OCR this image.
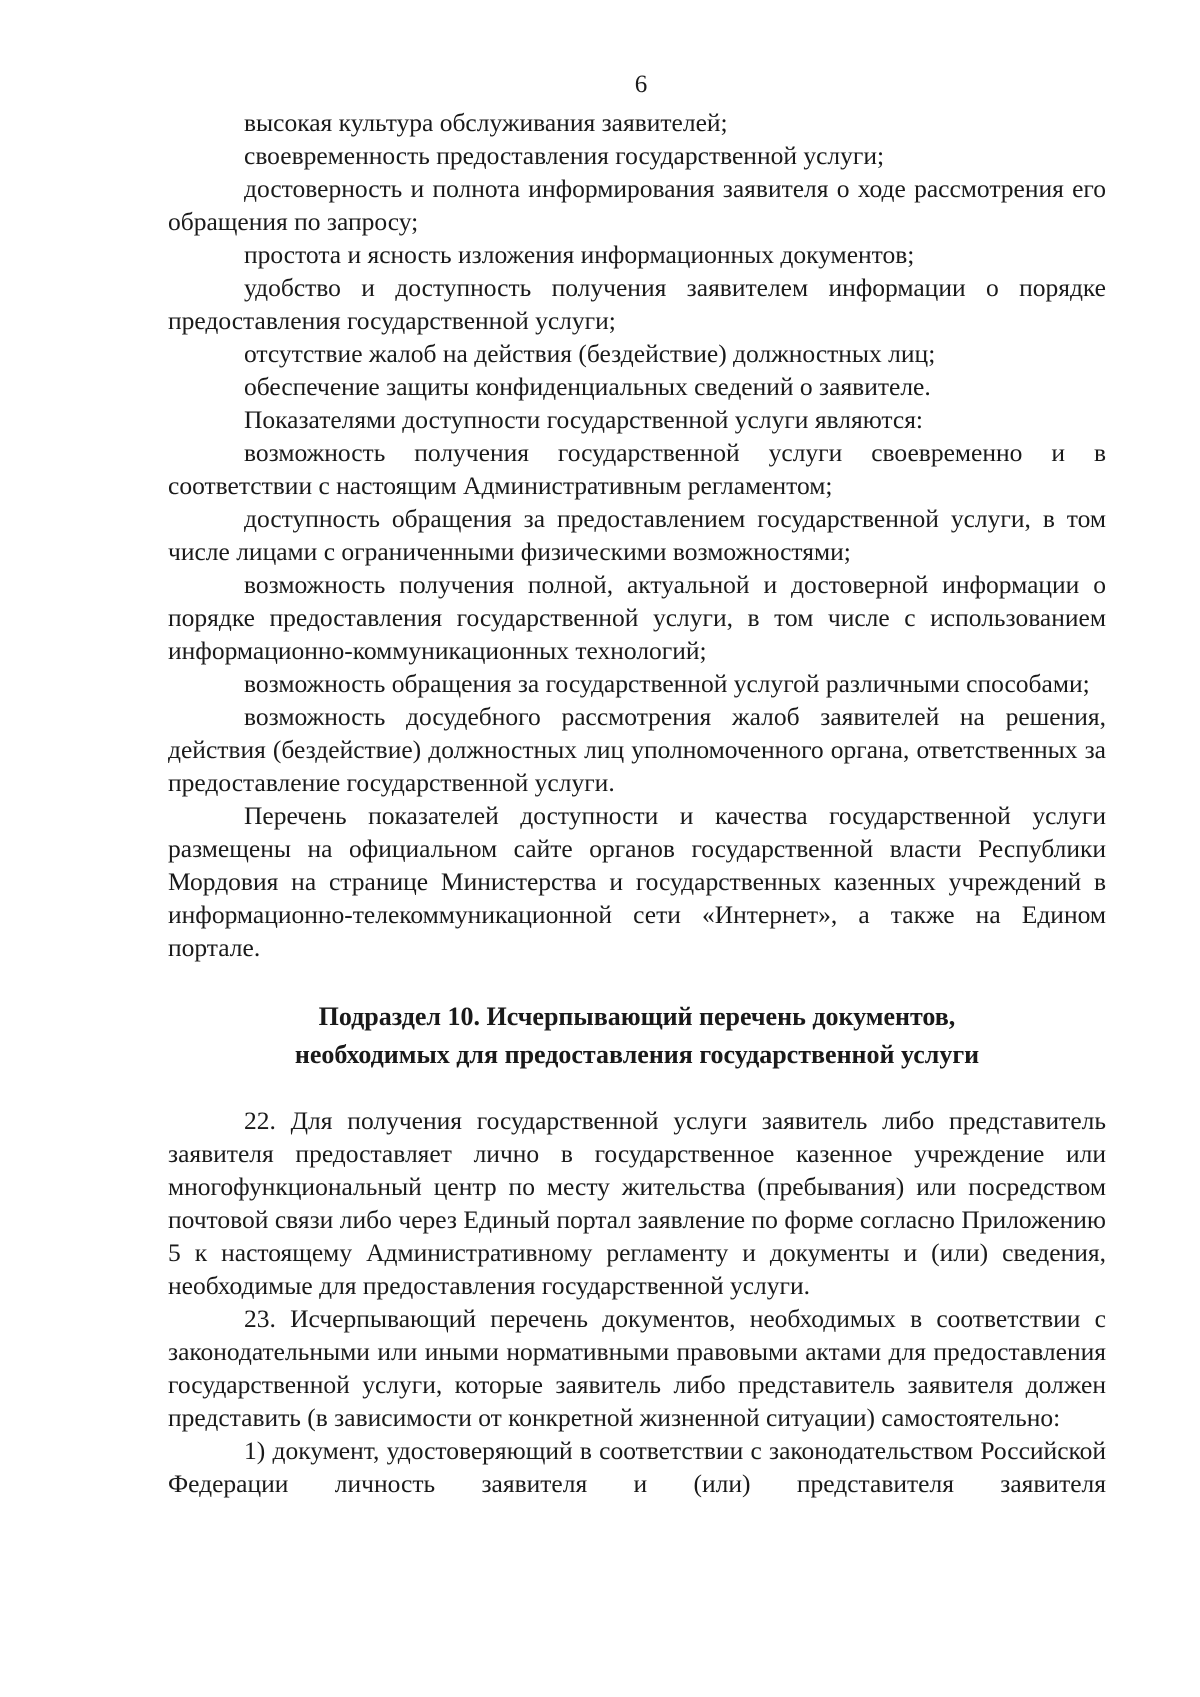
6

высокая культура обслуживания заявителей;

своевременность предоставления государственной услуги;

достоверность и полнота информирования заявителя о ходе рассмотрения его обращения по запросу;

простота и ясность изложения информационных документов;

удобство и доступность получения заявителем информации о порядке предоставления государственной услуги;

отсутствие жалоб на действия (бездействие) должностных лиц;

обеспечение защиты конфиденциальных сведений о заявителе.

Показателями доступности государственной услуги являются:

возможность получения государственной услуги своевременно и в соответствии с настоящим Административным регламентом;

доступность обращения за предоставлением государственной услуги, в том числе лицами с ограниченными физическими возможностями;

возможность получения полной, актуальной и достоверной информации о порядке предоставления государственной услуги, в том числе с использованием информационно-коммуникационных технологий;

возможность обращения за государственной услугой различными способами;

возможность досудебного рассмотрения жалоб заявителей на решения, действия (бездействие) должностных лиц уполномоченного органа, ответственных за предоставление государственной услуги.

Перечень показателей доступности и качества государственной услуги размещены на официальном сайте органов государственной власти Республики Мордовия на странице Министерства и государственных казенных учреждений в информационно-телекоммуникационной сети «Интернет», а также на Едином портале.

Подраздел 10. Исчерпывающий перечень документов,
необходимых для предоставления государственной услуги

22. Для получения государственной услуги заявитель либо представитель заявителя предоставляет лично в государственное казенное учреждение или многофункциональный центр по месту жительства (пребывания) или посредством почтовой связи либо через Единый портал заявление по форме согласно Приложению 5 к настоящему Административному регламенту и документы и (или) сведения, необходимые для предоставления государственной услуги.

23. Исчерпывающий перечень документов, необходимых в соответствии с законодательными или иными нормативными правовыми актами для предоставления государственной услуги, которые заявитель либо представитель заявителя должен представить (в зависимости от конкретной жизненной ситуации) самостоятельно:

1) документ, удостоверяющий в соответствии с законодательством Российской Федерации личность заявителя и (или) представителя заявителя
